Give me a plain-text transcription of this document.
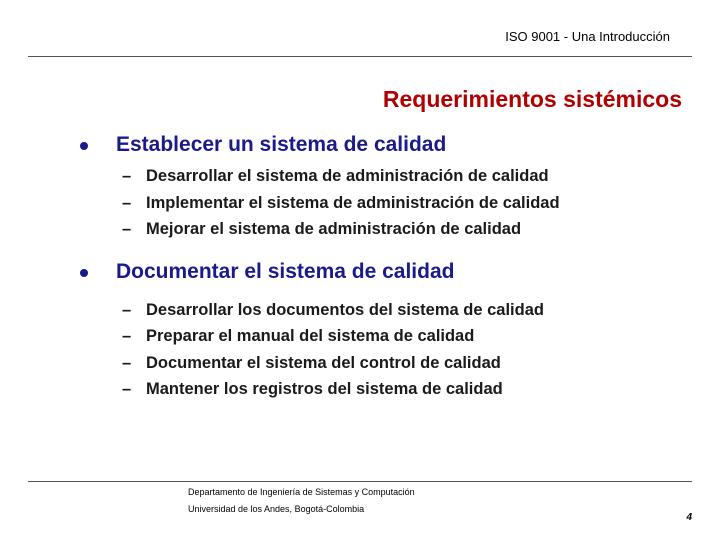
ISO 9001 - Una Introducción
Requerimientos sistémicos
Establecer un sistema de calidad
– Desarrollar el sistema de administración de calidad
– Implementar el sistema de administración de calidad
– Mejorar el sistema de administración de calidad
Documentar el sistema de calidad
– Desarrollar los documentos del sistema de calidad
– Preparar el manual del sistema de calidad
– Documentar el sistema del control de calidad
– Mantener los registros del sistema de calidad
Departamento de Ingeniería de Sistemas y Computación
Universidad de los Andes, Bogotá-Colombia
4
